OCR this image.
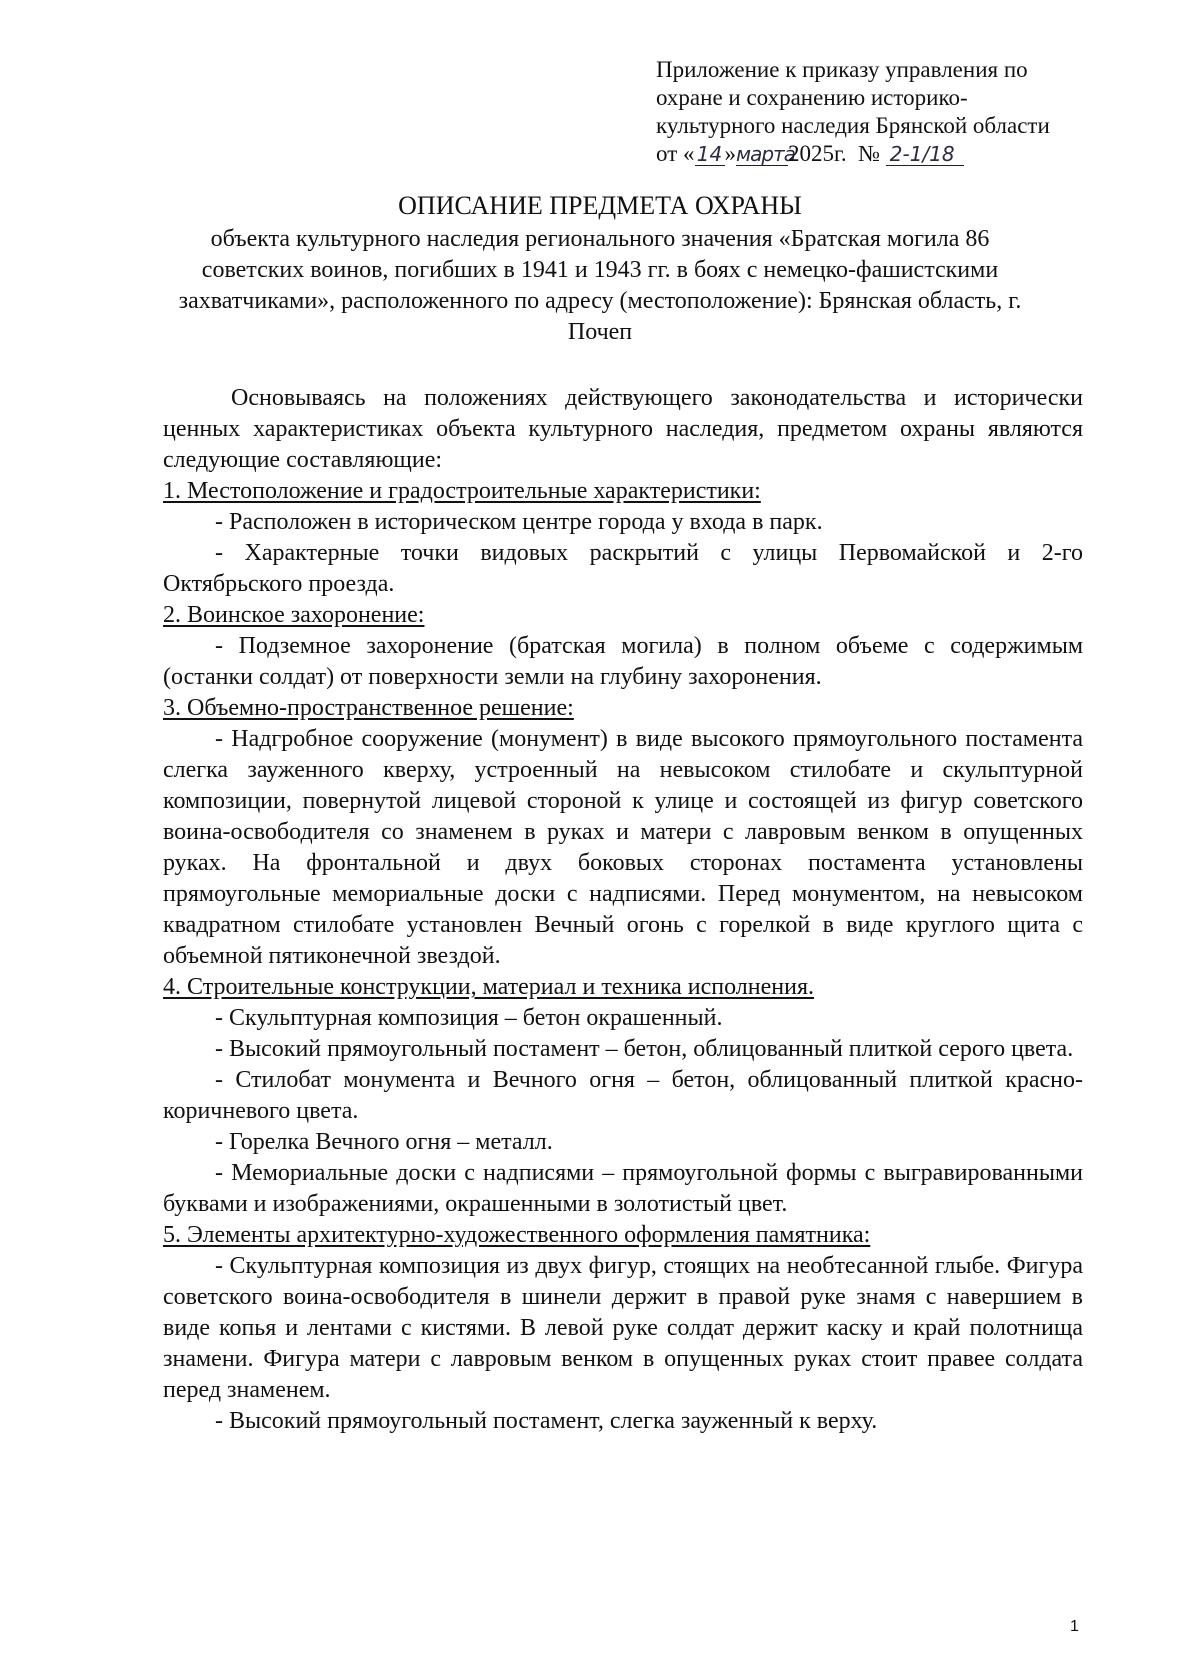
Приложение к приказу управления по
охране и сохранению историко-
культурного наследия Брянской области
от « 14»марта2025г. № 2-1/18
ОПИСАНИЕ ПРЕДМЕТА ОХРАНЫ
объекта культурного наследия регионального значения «Братская могила 86 советских воинов, погибших в 1941 и 1943 гг. в боях с немецко-фашистскими захватчиками», расположенного по адресу (местоположение): Брянская область, г. Почеп

Основываясь на положениях действующего законодательства и исторически ценных характеристиках объекта культурного наследия, предметом охраны являются следующие составляющие:

1. Местоположение и градостроительные характеристики:

- Расположен в историческом центре города у входа в парк.

- Характерные точки видовых раскрытий с улицы Первомайской и 2-го Октябрьского проезда.

2. Воинское захоронение:

- Подземное захоронение (братская могила) в полном объеме с содержимым (останки солдат) от поверхности земли на глубину захоронения.

3. Объемно-пространственное решение:

- Надгробное сооружение (монумент) в виде высокого прямоугольного постамента слегка зауженного кверху, устроенный на невысоком стилобате и скульптурной композиции, повернутой лицевой стороной к улице и состоящей из фигур советского воина-освободителя со знаменем в руках и матери с лавровым венком в опущенных руках. На фронтальной и двух боковых сторонах постамента установлены прямоугольные мемориальные доски с надписями. Перед монументом, на невысоком квадратном стилобате установлен Вечный огонь с горелкой в виде круглого щита с объемной пятиконечной звездой.

4. Строительные конструкции, материал и техника исполнения.

- Скульптурная композиция – бетон окрашенный.

- Высокий прямоугольный постамент – бетон, облицованный плиткой серого цвета.

- Стилобат монумента и Вечного огня – бетон, облицованный плиткой красно-коричневого цвета.

- Горелка Вечного огня – металл.

- Мемориальные доски с надписями – прямоугольной формы с выгравированными буквами и изображениями, окрашенными в золотистый цвет.

5. Элементы архитектурно-художественного оформления памятника:

- Скульптурная композиция из двух фигур, стоящих на необтесанной глыбе. Фигура советского воина-освободителя в шинели держит в правой руке знамя с навершием в виде копья и лентами с кистями. В левой руке солдат держит каску и край полотнища знамени. Фигура матери с лавровым венком в опущенных руках стоит правее солдата перед знаменем.

- Высокий прямоугольный постамент, слегка зауженный к верху.

1
